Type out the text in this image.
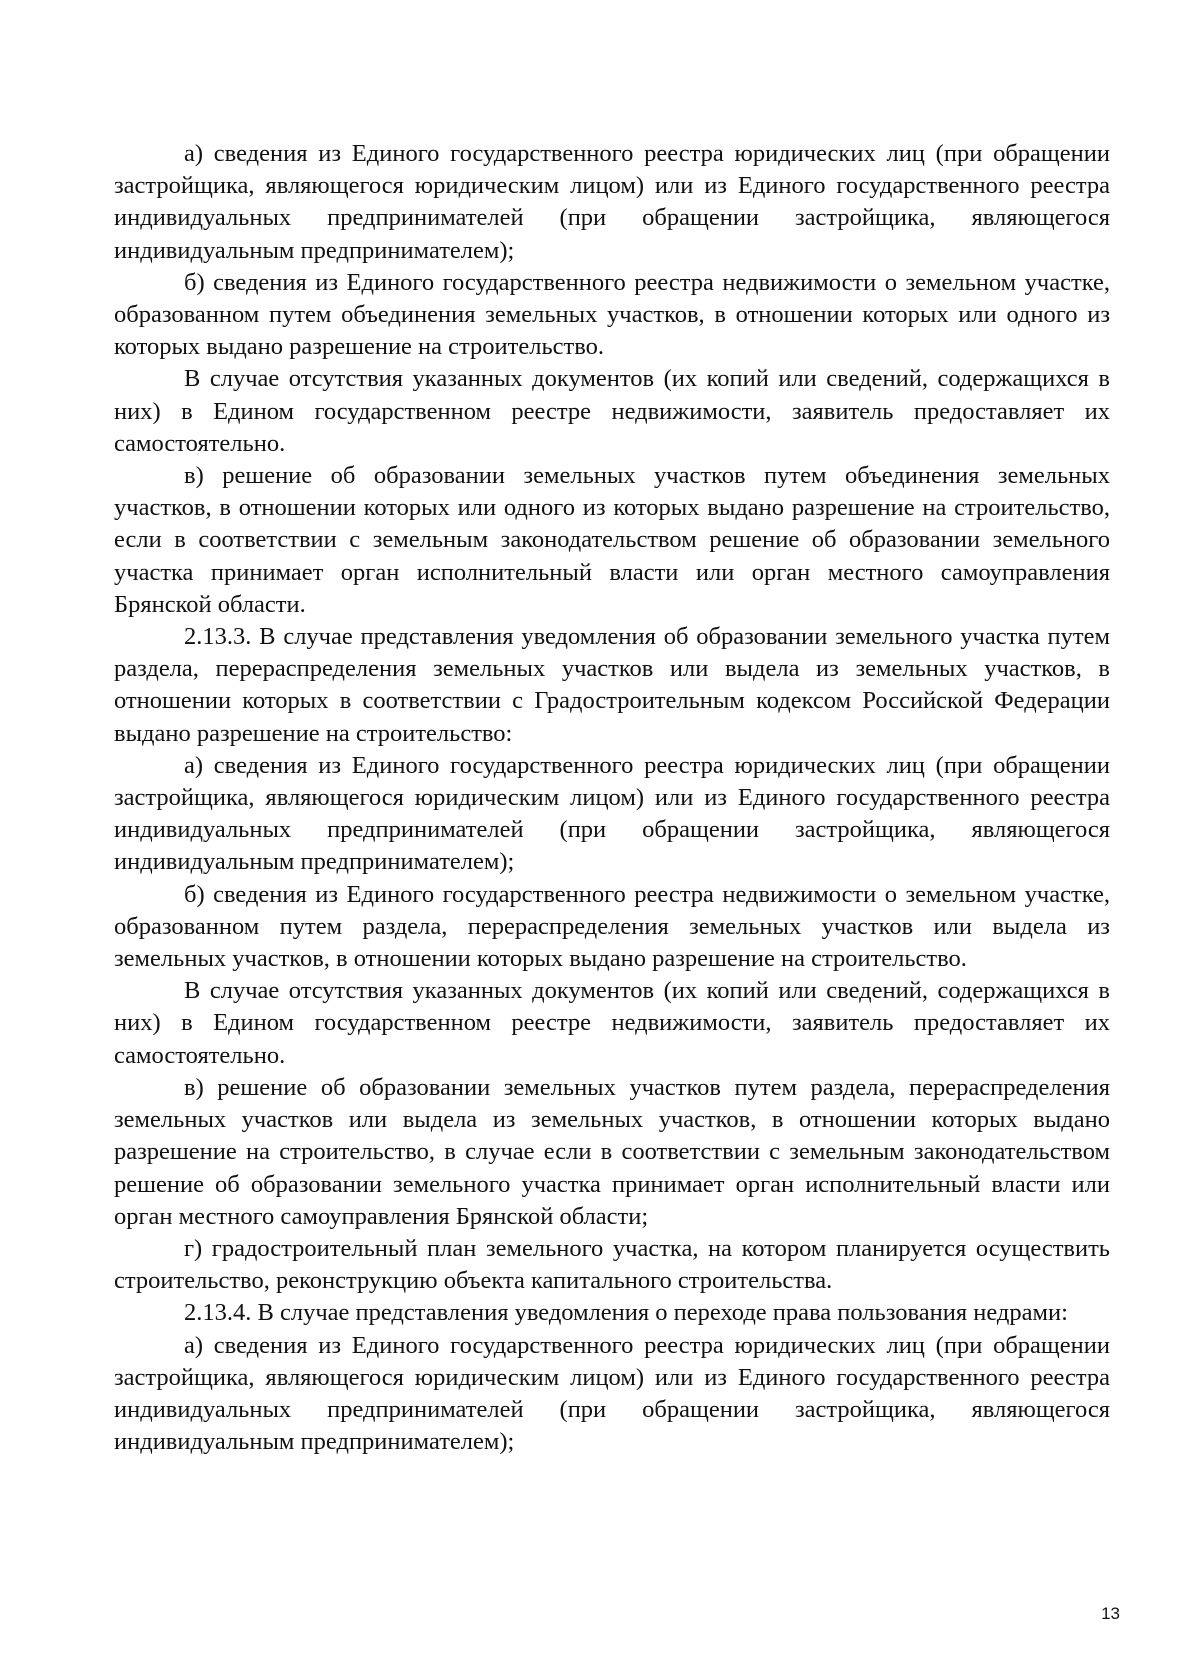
а) сведения из Единого государственного реестра юридических лиц (при обращении застройщика, являющегося юридическим лицом) или из Единого государственного реестра индивидуальных предпринимателей (при обращении застройщика, являющегося индивидуальным предпринимателем);

б) сведения из Единого государственного реестра недвижимости о земельном участке, образованном путем объединения земельных участков, в отношении которых или одного из которых выдано разрешение на строительство.

В случае отсутствия указанных документов (их копий или сведений, содержащихся в них) в Едином государственном реестре недвижимости, заявитель предоставляет их самостоятельно.

в) решение об образовании земельных участков путем объединения земельных участков, в отношении которых или одного из которых выдано разрешение на строительство, если в соответствии с земельным законодательством решение об образовании земельного участка принимает орган исполнительный власти или орган местного самоуправления Брянской области.

2.13.3. В случае представления уведомления об образовании земельного участка путем раздела, перераспределения земельных участков или выдела из земельных участков, в отношении которых в соответствии с Градостроительным кодексом Российской Федерации выдано разрешение на строительство:

а) сведения из Единого государственного реестра юридических лиц (при обращении застройщика, являющегося юридическим лицом) или из Единого государственного реестра индивидуальных предпринимателей (при обращении застройщика, являющегося индивидуальным предпринимателем);

б) сведения из Единого государственного реестра недвижимости о земельном участке, образованном путем раздела, перераспределения земельных участков или выдела из земельных участков, в отношении которых выдано разрешение на строительство.

В случае отсутствия указанных документов (их копий или сведений, содержащихся в них) в Едином государственном реестре недвижимости, заявитель предоставляет их самостоятельно.

в) решение об образовании земельных участков путем раздела, перераспределения земельных участков или выдела из земельных участков, в отношении которых выдано разрешение на строительство, в случае если в соответствии с земельным законодательством решение об образовании земельного участка принимает орган исполнительный власти или орган местного самоуправления Брянской области;

г) градостроительный план земельного участка, на котором планируется осуществить строительство, реконструкцию объекта капитального строительства.

2.13.4. В случае представления уведомления о переходе права пользования недрами:

а) сведения из Единого государственного реестра юридических лиц (при обращении застройщика, являющегося юридическим лицом) или из Единого государственного реестра индивидуальных предпринимателей (при обращении застройщика, являющегося индивидуальным предпринимателем);

13
